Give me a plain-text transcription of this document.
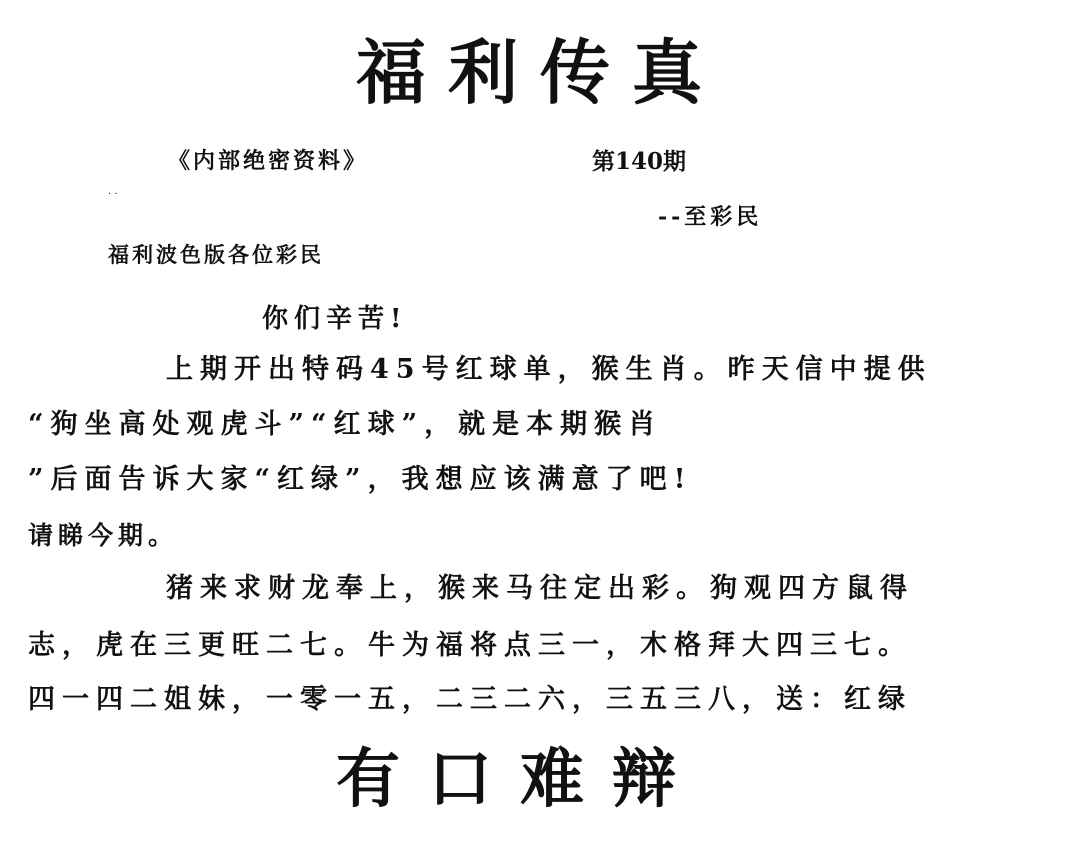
福利传真
《内部绝密资料》	第140期
· ·
--至彩民
福利波色版各位彩民
你们辛苦!
上期开出特码45号红球单，猴生肖。昨天信中提供
“狗坐高处观虎斗”“红球”，就是本期猴肖
”后面告诉大家“红绿”，我想应该满意了吧!
请睇今期。
猪来求财龙奉上，猴来马往定出彩。狗观四方鼠得
志，虎在三更旺二七。牛为福将点三一，木格拜大四三七。
四一四二姐妹，一零一五，二三二六，三五三八，送：红绿
有口难辩
